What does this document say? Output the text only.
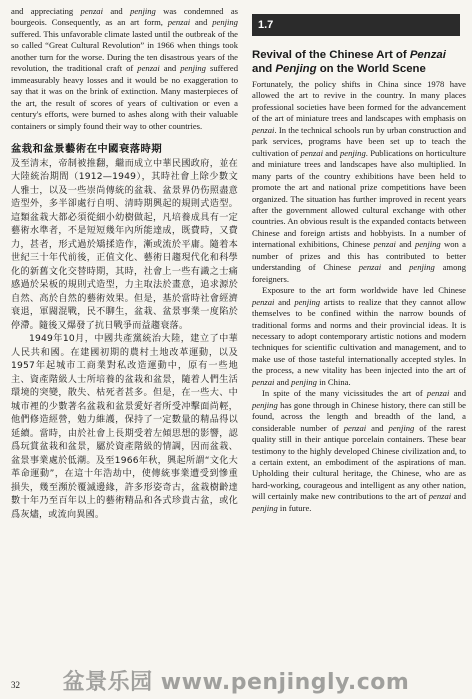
and appreciating penzai and penjing was condemned as bourgeois. Consequently, as an art form, penzai and penjing suffered. This unfavorable climate lasted until the outbreak of the so called “Great Cultural Revolution” in 1966 when things took another turn for the worse. During the ten disastrous years of the revolution, the traditional craft of penzai and penjing suffered immeasurably heavy losses and it would be no exaggeration to say that it was on the brink of extinction. Many masterpieces of the art, the result of scores of years of cultivation or even a century's efforts, were burned to ashes along with their valuable containers or simply found their way to other countries.

盆栽和盆景藝術在中國衰落時期

及至清末，帝制被推翻，繼而成立中華民國政府，並在大陸統治期間（1912—1949），其時社會上除少數文人雅士，以及一些崇尚傳統的盆栽、盆景界仍伤照盡意造型外，多半卻處行自明、清時期興起的規則式造型。這類盆栽大都必須從細小幼樹做起，凡培養成具有一定藝術水準者，不是短短幾年內所能達成，既費時，又費力，甚者，形式過於矯揉造作，漸或流於平庸。隨着本世紀三十年代前後，正值文化、藝術日趨現代化和科學化的新舊文化交替時期，其時，社會上一些有識之士痛感過於呆板的規則式造型，力主取法於畫意，追求源於自然、高於自然的藝術效果。但是，基於當時社會經濟衰退，軍閥混戰，民不聊生，盆栽、盆景事業一度陷於停滯。隨後又爆發了抗日戰爭而益趨衰落。

1949年10月，中國共產黨統治大陸，建立了中華人民共和國。在建國初期的農村土地改革運動，以及1957年起城市工商業對私改造運動中，原有一些地主、資產階級人士所培養的盆栽和盆景，隨着人們生活環境的突變，散失、枯死者甚多。但是，在一些大、中城市裡的少數著名盆栽和盆景愛好者所受冲擊面尚輕，他們修造經營，勉力維護，保持了一定數量的精品得以延續。當時，由於社會上長期受着左傾思想的影響，認爲玩賞盆栽和盆景，屬於資產階級的情調，因而盆栽、盆景事業處於低潮。及至1966年秋，興起所謂“文化大革命運動”，在這十年浩劫中，使傳統事業遭受到慘重損失，幾至瀕於覆滅邊緣，許多形姿奇古，盆栽樹齡達數十年乃至百年以上的藝術精品和各式珍貴古盆，或化爲灰燼，或流向異國。

1.7
Revival of the Chinese Art of Penzai and Penjing on the World Scene

Fortunately, the policy shifts in China since 1978 have allowed the art to revive in the country. In many places professional societies have been formed for the advancement of the art of miniature trees and landscapes with emphasis on penzai. In the technical schools run by urban construction and park services, programs have been set up to teach the cultivation of penzai and penjing. Publications on horticulture and miniature trees and landscapes have also multiplied. In many parts of the country exhibitions have been held to promote the art and national prize competitions have been organized. The situation has further improved in recent years after the government allowed cultural exchange with other countries. An obvious result is the expanded contacts between Chinese and foreign artists and hobbyists. In a number of international exhibitions, Chinese penzai and penjing won a number of prizes and this has contributed to better understanding of Chinese penzai and penjing among foreigners.

Exposure to the art form worldwide have led Chinese penzai and penjing artists to realize that they cannot allow themselves to be confined within the narrow bounds of traditional forms and norms and their provincial ideas. It is necessary to adopt contemporary artistic notions and modern techniques for scientific cultivation and management, and to make use of those tasteful internationally accepted styles. In the process, a new vitality has been injected into the art of penzai and penjing in China.

In spite of the many vicissitudes the art of penzai and penjing has gone through in Chinese history, there can still be found, across the length and breadth of the land, a considerable number of penzai and penjing of the rarest quality still in their antique porcelain containers. These bear testimony to the highly developed Chinese civilization and, to a certain extent, an embodiment of the aspirations of man. Upholding their cultural heritage, the Chinese, who are as hard-working, courageous and intelligent as any other nation, will certainly make new contributions to the art of penzai and penjing in future.

32	盆景乐园 www.penjingly.com
